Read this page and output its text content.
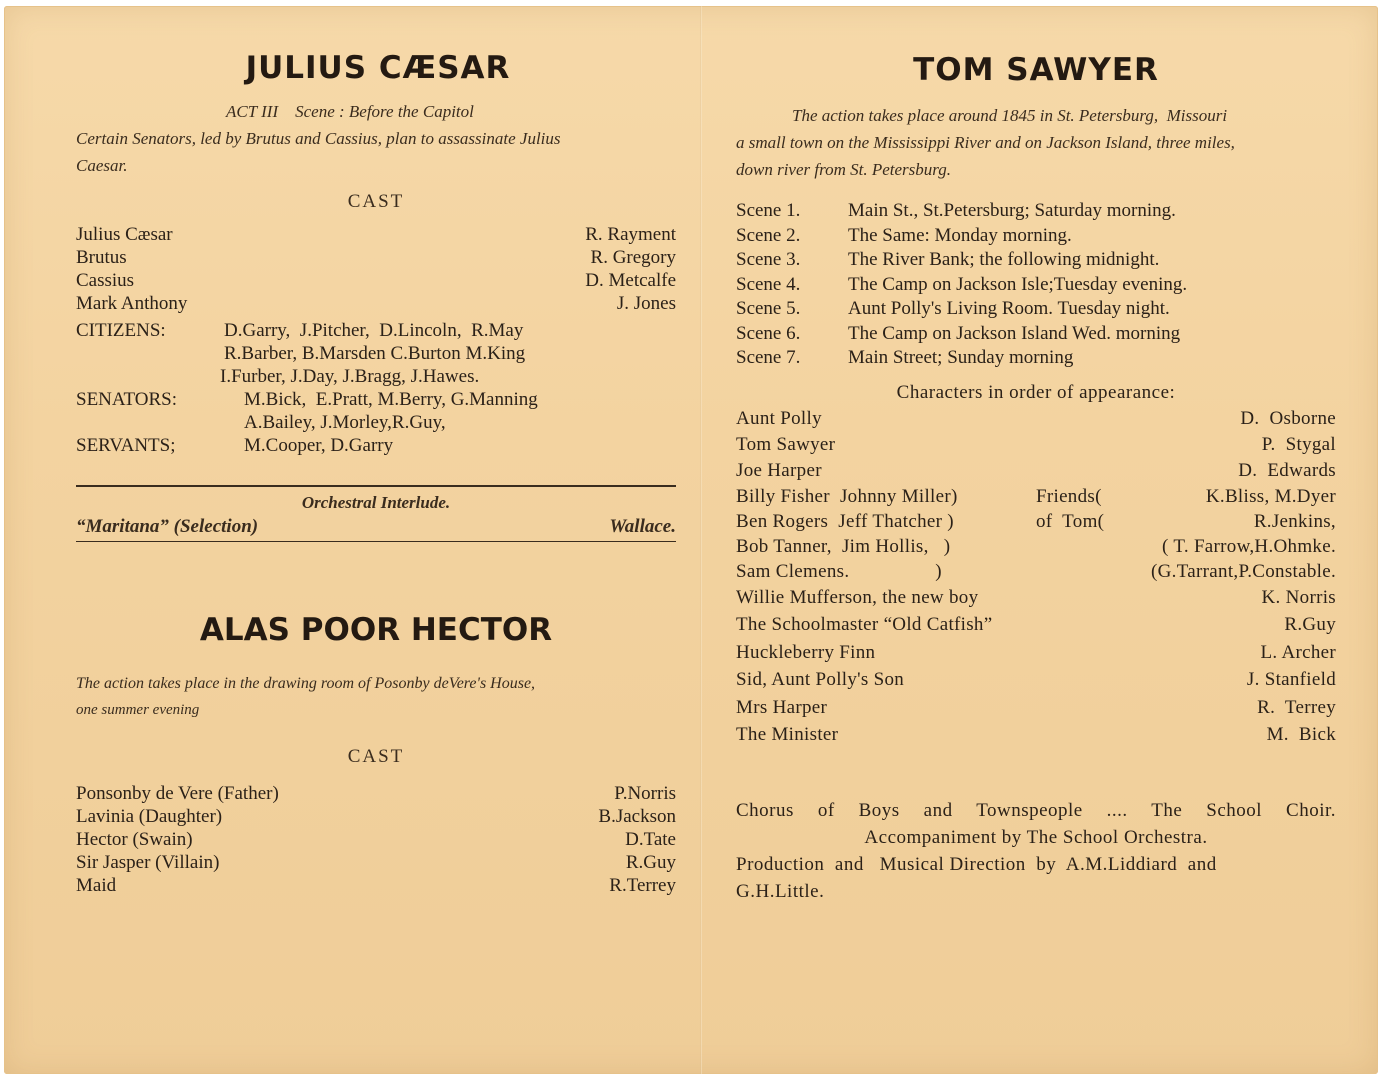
JULIUS CÆSAR
ACT III    Scene : Before the Capitol
Certain Senators, led by Brutus and Cassius, plan to assassinate Julius
Caesar.
CAST
Julius Cæsar	R. Rayment
Brutus	R. Gregory
Cassius	D. Metcalfe
Mark Anthony	J. Jones
CITIZENS:	D.Garry,  J.Pitcher,  D.Lincoln,  R.May
R.Barber, B.Marsden C.Burton M.King
I.Furber, J.Day, J.Bragg, J.Hawes.
SENATORS:	M.Bick,  E.Pratt, M.Berry, G.Manning
A.Bailey, J.Morley,R.Guy,
SERVANTS;	M.Cooper, D.Garry
Orchestral Interlude.
“Maritana” (Selection)	Wallace.
ALAS POOR HECTOR
The action takes place in the drawing room of Posonby deVere's House,
one summer evening
CAST
Ponsonby de Vere (Father)	P.Norris
Lavinia (Daughter)	B.Jackson
Hector (Swain)	D.Tate
Sir Jasper (Villain)	R.Guy
Maid	R.Terrey
TOM SAWYER
The action takes place around 1845 in St. Petersburg,  Missouri
a small town on the Mississippi River and on Jackson Island, three miles,
down river from St. Petersburg.
Scene 1.	Main St., St.Petersburg; Saturday morning.
Scene 2.	The Same: Monday morning.
Scene 3.	The River Bank; the following midnight.
Scene 4.	The Camp on Jackson Isle;Tuesday evening.
Scene 5.	Aunt Polly's Living Room. Tuesday night.
Scene 6.	The Camp on Jackson Island Wed. morning
Scene 7.	Main Street; Sunday morning
Characters in order of appearance:
Aunt Polly	D.  Osborne
Tom Sawyer	P.  Stygal
Joe Harper	D.  Edwards
Billy Fisher  Johnny Miller)	Friends(	K.Bliss, M.Dyer
Ben Rogers  Jeff Thatcher )	of  Tom(	R.Jenkins,
Bob Tanner,  Jim Hollis,   )	( T. Farrow,H.Ohmke.
Sam Clemens.                 )	(G.Tarrant,P.Constable.
Willie Mufferson, the new boy	K. Norris
The Schoolmaster “Old Catfish”	R.Guy
Huckleberry Finn	L. Archer
Sid, Aunt Polly's Son	J. Stanfield
Mrs Harper	R.  Terrey
The Minister	M.  Bick
Chorus of Boys and Townspeople .... The School Choir.
Accompaniment by The School Orchestra.
Production  and   Musical Direction  by  A.M.Liddiard  and
G.H.Little.
